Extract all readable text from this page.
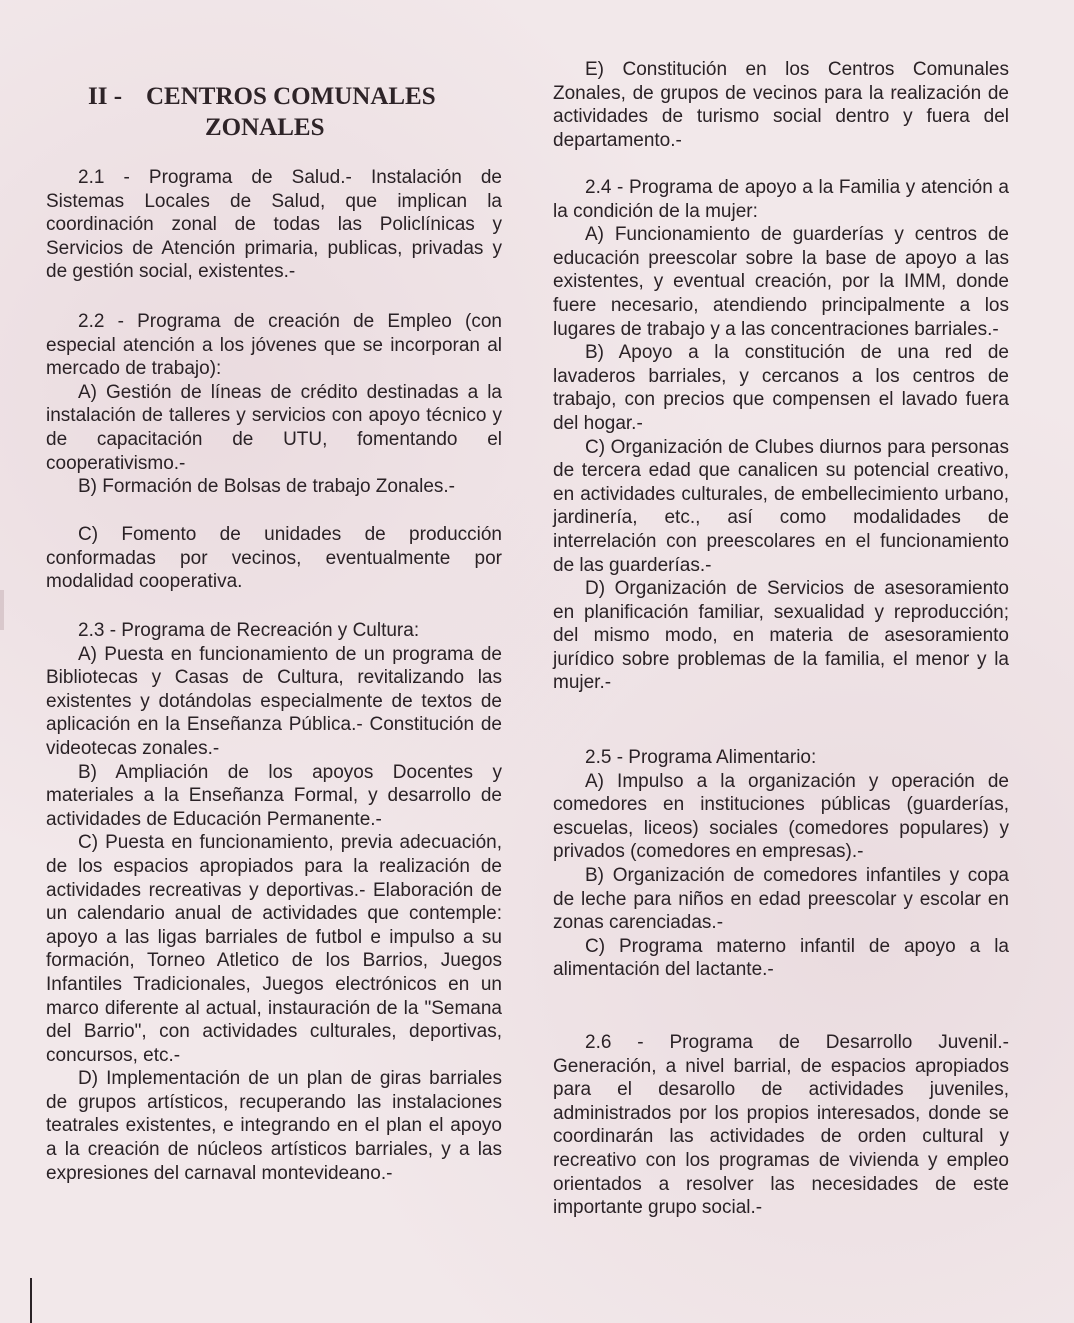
II - CENTROS COMUNALES
ZONALES

2.1 - Programa de Salud.- Instalación de Sistemas Locales de Salud, que implican la coordinación zonal de todas las Policlínicas y Servicios de Atención primaria, publicas, privadas y de gestión social, existentes.-

2.2 - Programa de creación de Empleo (con especial atención a los jóvenes que se incorporan al mercado de trabajo):

A) Gestión de líneas de crédito destinadas a la instalación de talleres y servicios con apoyo técnico y de capacitación de UTU, fomentando el cooperativismo.-

B) Formación de Bolsas de trabajo Zonales.-

C) Fomento de unidades de producción conformadas por vecinos, eventualmente por modalidad cooperativa.

2.3 - Programa de Recreación y Cultura:

A) Puesta en funcionamiento de un programa de Bibliotecas y Casas de Cultura, revitalizando las existentes y dotándolas especialmente de textos de aplicación en la Enseñanza Pública.- Constitución de videotecas zonales.-

B) Ampliación de los apoyos Docentes y materiales a la Enseñanza Formal, y desarrollo de actividades de Educación Permanente.-

C) Puesta en funcionamiento, previa adecuación, de los espacios apropiados para la realización de actividades recreativas y deportivas.- Elaboración de un calendario anual de actividades que contemple: apoyo a las ligas barriales de futbol e impulso a su formación, Torneo Atletico de los Barrios, Juegos Infantiles Tradicionales, Juegos electrónicos en un marco diferente al actual, instauración de la "Semana del Barrio", con actividades culturales, deportivas, concursos, etc.-

D) Implementación de un plan de giras barriales de grupos artísticos, recuperando las instalaciones teatrales existentes, e integrando en el plan el apoyo a la creación de núcleos artísticos barriales, y a las expresiones del carnaval montevideano.-

E) Constitución en los Centros Comunales Zonales, de grupos de vecinos para la realización de actividades de turismo social dentro y fuera del departamento.-

2.4 - Programa de apoyo a la Familia y atención a la condición de la mujer:

A) Funcionamiento de guarderías y centros de educación preescolar sobre la base de apoyo a las existentes, y eventual creación, por la IMM, donde fuere necesario, atendiendo principalmente a los lugares de trabajo y a las concentraciones barriales.-

B) Apoyo a la constitución de una red de lavaderos barriales, y cercanos a los centros de trabajo, con precios que compensen el lavado fuera del hogar.-

C) Organización de Clubes diurnos para personas de tercera edad que canalicen su potencial creativo, en actividades culturales, de embellecimiento urbano, jardinería, etc., así como modalidades de interrelación con preescolares en el funcionamiento de las guarderías.-

D) Organización de Servicios de asesoramiento en planificación familiar, sexualidad y reproducción; del mismo modo, en materia de asesoramiento jurídico sobre problemas de la familia, el menor y la mujer.-

2.5 - Programa Alimentario:

A) Impulso a la organización y operación de comedores en instituciones públicas (guarderías, escuelas, liceos) sociales (comedores populares) y privados (comedores en empresas).-

B) Organización de comedores infantiles y copa de leche para niños en edad preescolar y escolar en zonas carenciadas.-

C) Programa materno infantil de apoyo a la alimentación del lactante.-

2.6 - Programa de Desarrollo Juvenil.- Generación, a nivel barrial, de espacios apropiados para el desarollo de actividades juveniles, administrados por los propios interesados, donde se coordinarán las actividades de orden cultural y recreativo con los programas de vivienda y empleo orientados a resolver las necesidades de este importante grupo social.-
